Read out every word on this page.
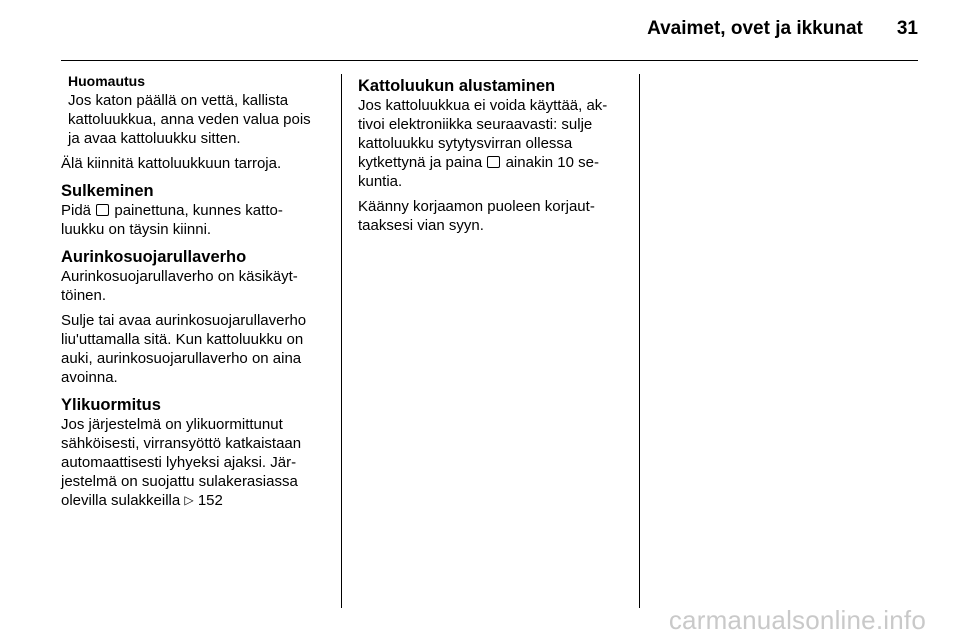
Avaimet, ovet ja ikkunat 31
Huomautus
Jos katon päällä on vettä, kallista
kattoluukkua, anna veden valua pois
ja avaa kattoluukku sitten.

Älä kiinnitä kattoluukkuun tarroja.

Sulkeminen

Pidä painettuna, kunnes katto-
luukku on täysin kiinni.

Aurinkosuojarullaverho

Aurinkosuojarullaverho on käsikäyt-
töinen.

Sulje tai avaa aurinkosuojarullaverho
liu'uttamalla sitä. Kun kattoluukku on
auki, aurinkosuojarullaverho on aina
avoinna.

Ylikuormitus

Jos järjestelmä on ylikuormittunut
sähköisesti, virransyöttö katkaistaan
automaattisesti lyhyeksi ajaksi. Jär-
jestelmä on suojattu sulakerasiassa
olevilla sulakkeilla ▷ 152

Kattoluukun alustaminen

Jos kattoluukkua ei voida käyttää, ak-
tivoi elektroniikka seuraavasti: sulje
kattoluukku sytytysvirran ollessa
kytkettynä ja paina ainakin 10 se-
kuntia.

Käänny korjaamon puoleen korjaut-
taaksesi vian syyn.

carmanualsonline.info
